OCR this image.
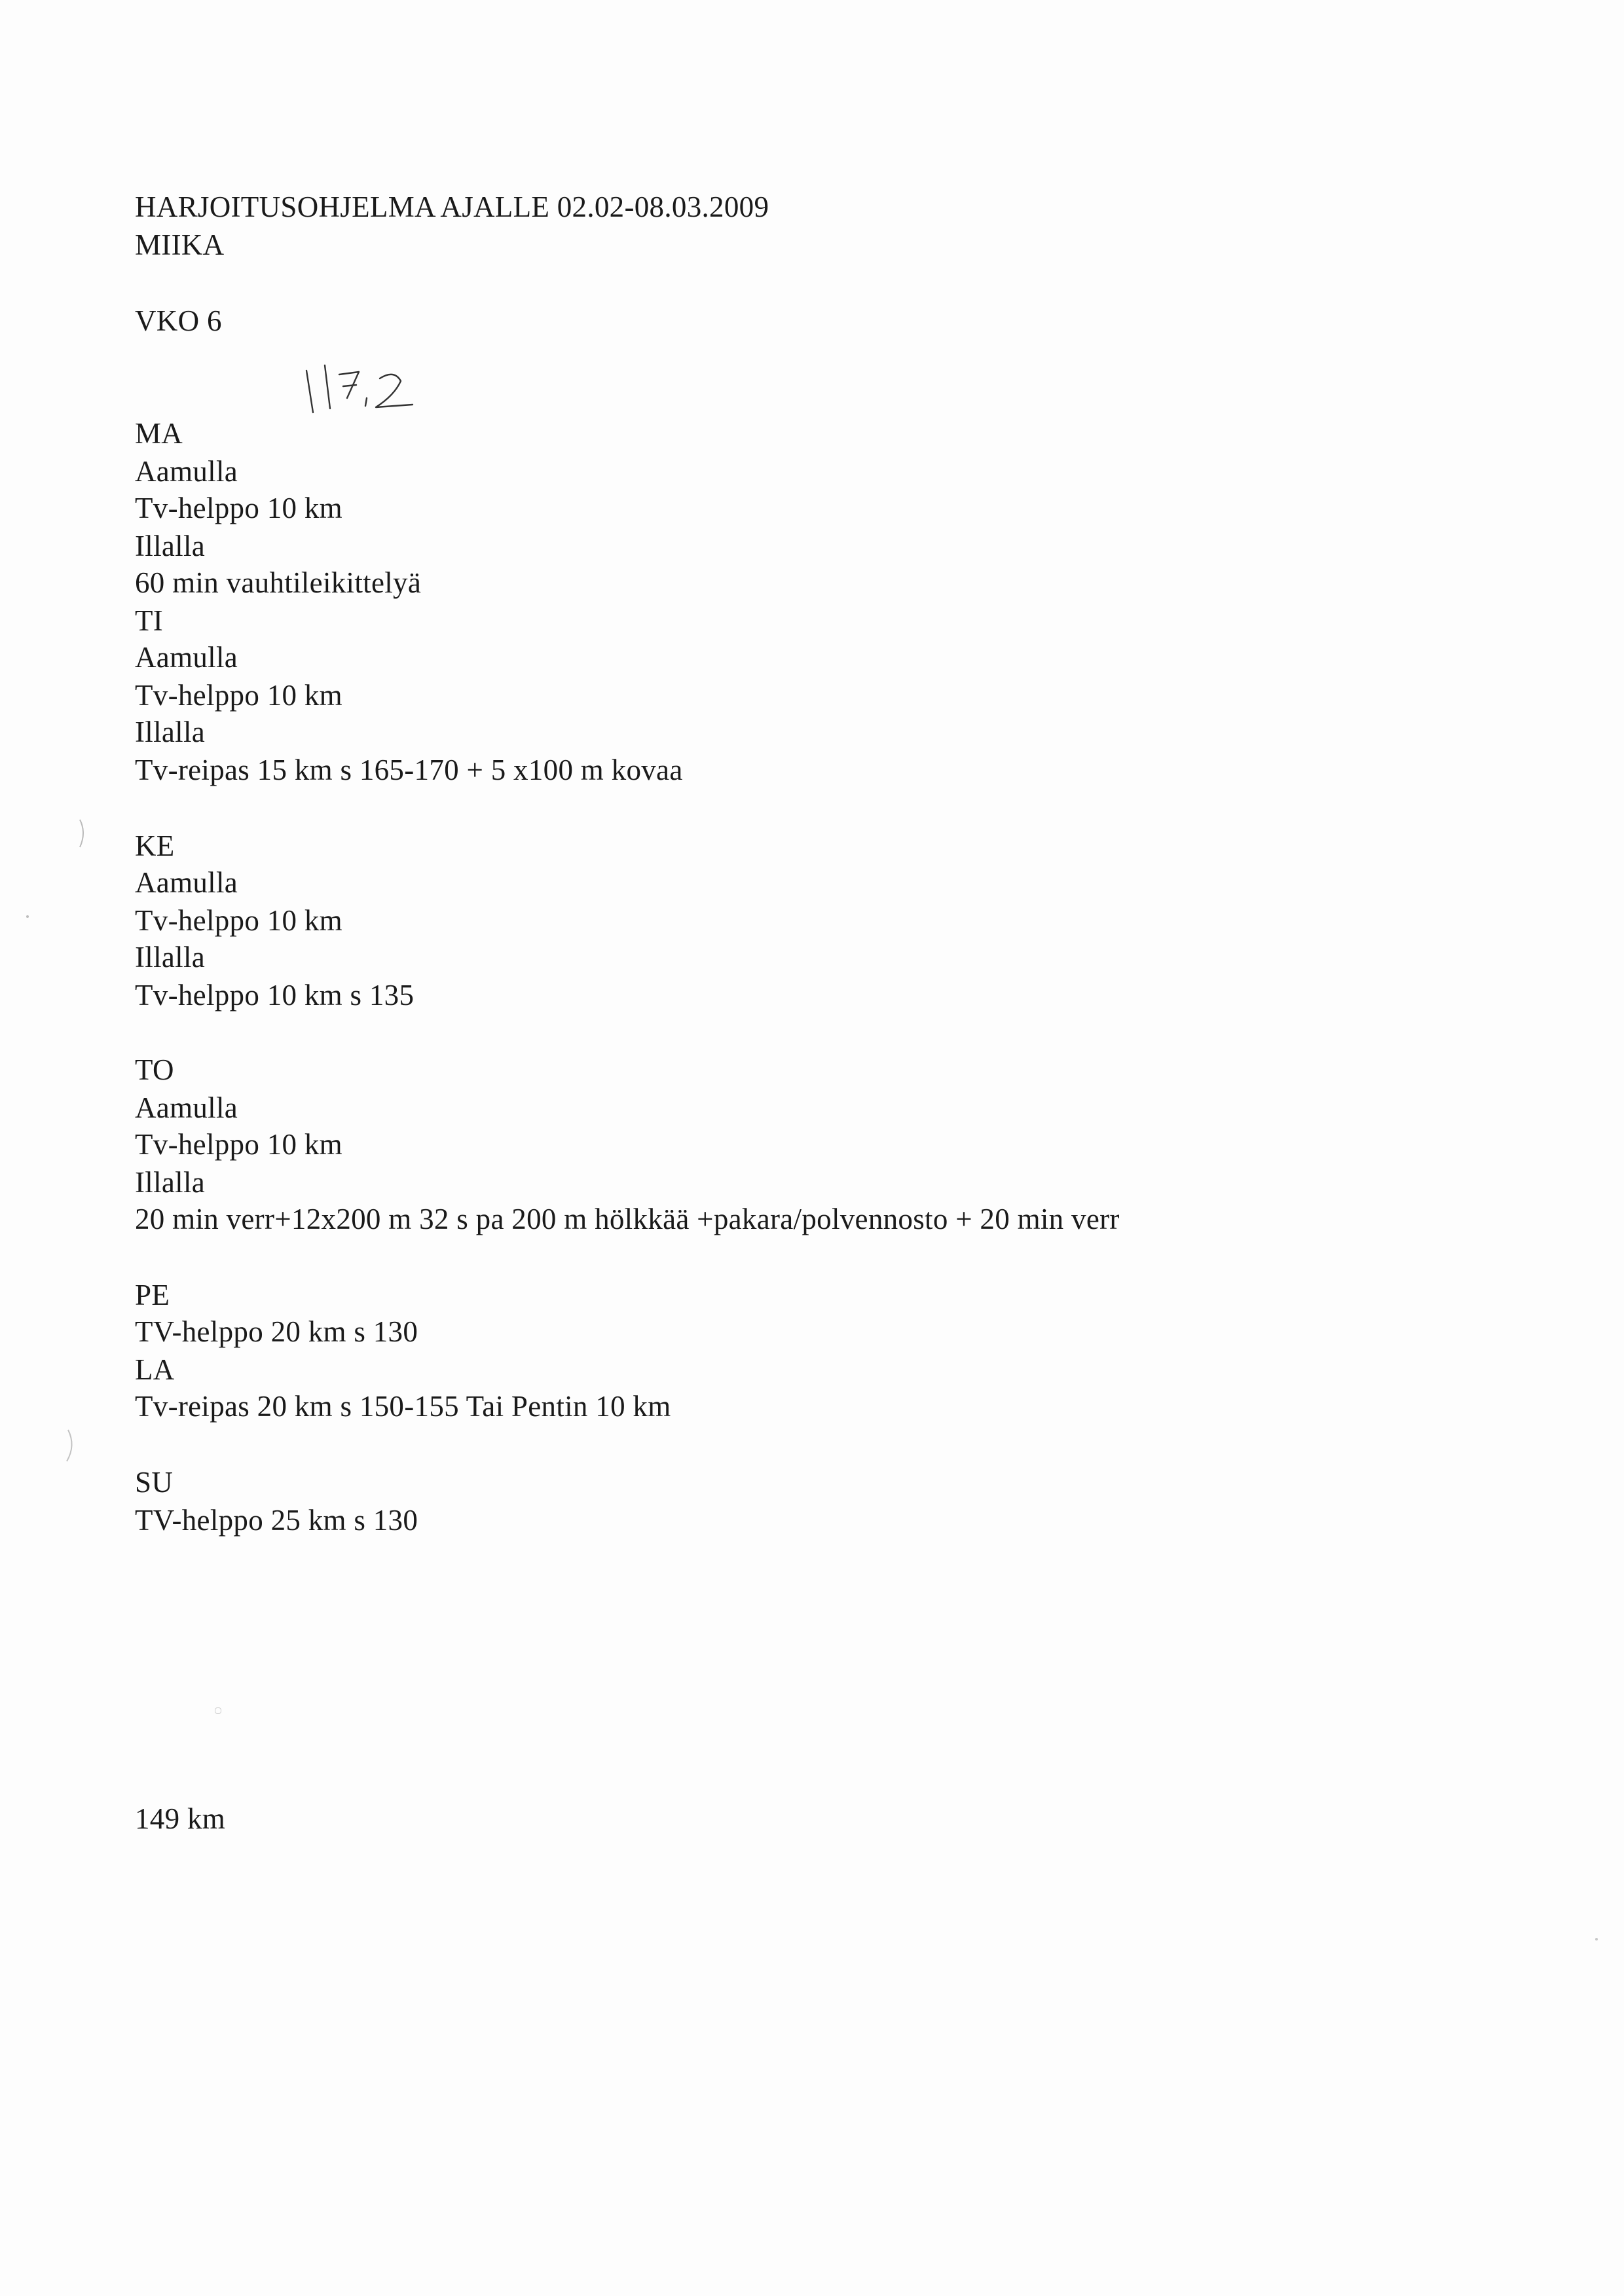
HARJOITUSOHJELMA AJALLE 02.02-08.03.2009
MIIKA
VKO 6
MA
Aamulla
Tv-helppo 10 km
Illalla
60 min vauhtileikittelyä
TI
Aamulla
Tv-helppo 10 km
Illalla
Tv-reipas 15 km s 165-170 + 5 x100 m kovaa
KE
Aamulla
Tv-helppo 10 km
Illalla
Tv-helppo 10 km s 135
TO
Aamulla
Tv-helppo 10 km
Illalla
20 min verr+12x200 m 32 s pa 200 m hölkkää +pakara/polvennosto + 20 min verr
PE
TV-helppo 20 km s 130
LA
Tv-reipas 20 km s 150-155 Tai Pentin 10 km
SU
TV-helppo 25 km s 130
149 km
